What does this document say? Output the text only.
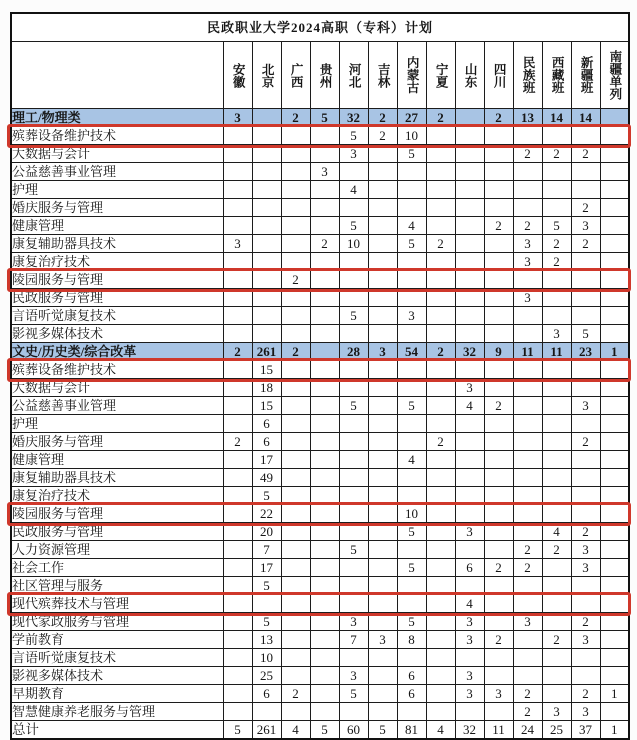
民政职业大学2024高职（专科）计划														

	安徽	北京	广西	贵州	河北	吉林	内蒙古	宁夏	山东	四川	民族班	西藏班	新疆班	南疆单列

理工/物理类	3		2	5	32	2	27	2		2	13	14	14	
殡葬设备维护技术					5	2	10							
大数据与会计					3		5				2	2	2	
公益慈善事业管理				3										
护理					4									
婚庆服务与管理													2	
健康管理					5		4			2	2	5	3	
康复辅助器具技术	3			2	10		5	2			3	2	2	
康复治疗技术											3	2		
陵园服务与管理			2											
民政服务与管理											3			
言语听觉康复技术					5		3							
影视多媒体技术												3	5	
文史/历史类/综合改革	2	261	2		28	3	54	2	32	9	11	11	23	1
殡葬设备维护技术		15												
大数据与会计		18							3					
公益慈善事业管理		15			5		5		4	2			3	
护理		6												
婚庆服务与管理	2	6						2					2	
健康管理		17					4							
康复辅助器具技术		49												
康复治疗技术		5												
陵园服务与管理		22					10							
民政服务与管理		20					5		3			4	2	
人力资源管理		7			5						2	2	3	
社会工作		17					5		6	2	2		3	
社区管理与服务		5												
现代殡葬技术与管理									4					
现代家政服务与管理		5			3		5		3		3		2	
学前教育		13			7	3	8		3	2		2	3	
言语听觉康复技术		10												
影视多媒体技术		25			3		6		3					
早期教育		6	2		5		6		3	3	2		2	1
智慧健康养老服务与管理											2	3	3	
总计	5	261	4	5	60	5	81	4	32	11	24	25	37	1
